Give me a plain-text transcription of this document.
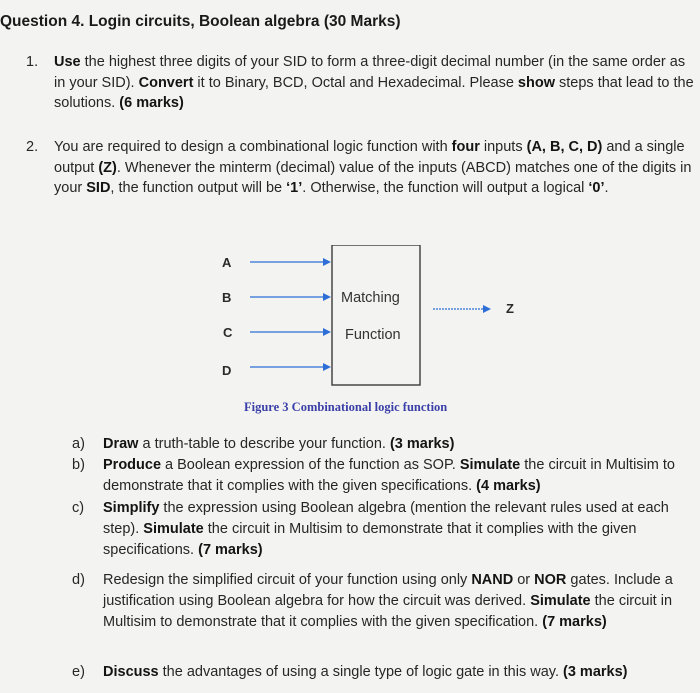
Question 4. Login circuits, Boolean algebra (30 Marks)
1. Use the highest three digits of your SID to form a three-digit decimal number (in the same order as in your SID). Convert it to Binary, BCD, Octal and Hexadecimal. Please show steps that lead to the solutions. (6 marks)
2. You are required to design a combinational logic function with four inputs (A, B, C, D) and a single output (Z). Whenever the minterm (decimal) value of the inputs (ABCD) matches one of the digits in your SID, the function output will be ‘1’. Otherwise, the function will output a logical ‘0’.
A
B
C
D
Matching
Function
Z
Figure 3 Combinational logic function
a) Draw a truth-table to describe your function. (3 marks)
b) Produce a Boolean expression of the function as SOP. Simulate the circuit in Multisim to demonstrate that it complies with the given specifications. (4 marks)
c) Simplify the expression using Boolean algebra (mention the relevant rules used at each step). Simulate the circuit in Multisim to demonstrate that it complies with the given specifications. (7 marks)
d) Redesign the simplified circuit of your function using only NAND or NOR gates. Include a justification using Boolean algebra for how the circuit was derived. Simulate the circuit in Multisim to demonstrate that it complies with the given specification. (7 marks)
e) Discuss the advantages of using a single type of logic gate in this way. (3 marks)
